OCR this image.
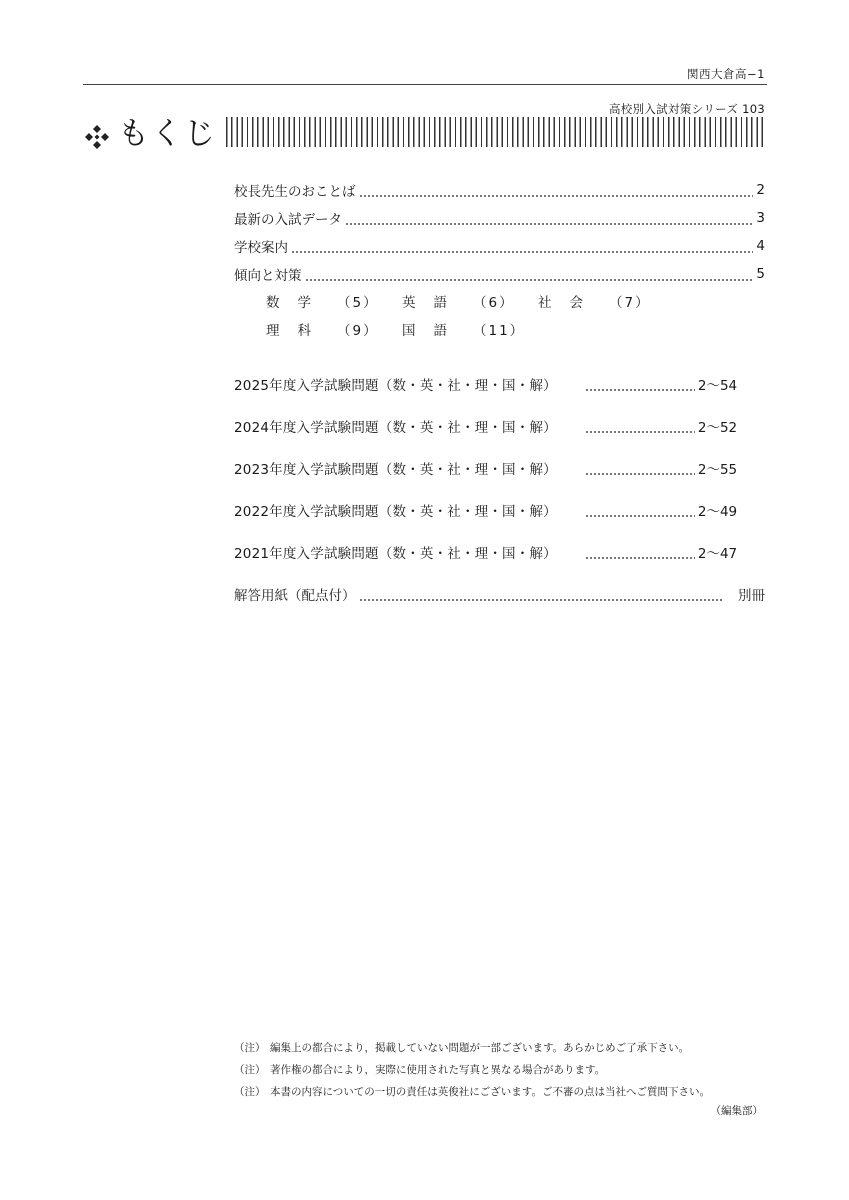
関西大倉高−1
高校別入試対策シリーズ 103
もくじ
校長先生のおことば	2
最新の入試データ	3
学校案内	4
傾向と対策	5
数学 （5） 英語 （6） 社会 （7）
理科 （9） 国語 （11）
2025年度入学試験問題（数・英・社・理・国・解）	2〜54
2024年度入学試験問題（数・英・社・理・国・解）	2〜52
2023年度入学試験問題（数・英・社・理・国・解）	2〜55
2022年度入学試験問題（数・英・社・理・国・解）	2〜49
2021年度入学試験問題（数・英・社・理・国・解）	2〜47
解答用紙（配点付）	別冊
（注） 編集上の都合により，掲載していない問題が一部ございます。あらかじめご了承下さい。
（注） 著作権の都合により，実際に使用された写真と異なる場合があります。
（注） 本書の内容についての一切の責任は英俊社にございます。ご不審の点は当社へご質問下さい。
（編集部）
